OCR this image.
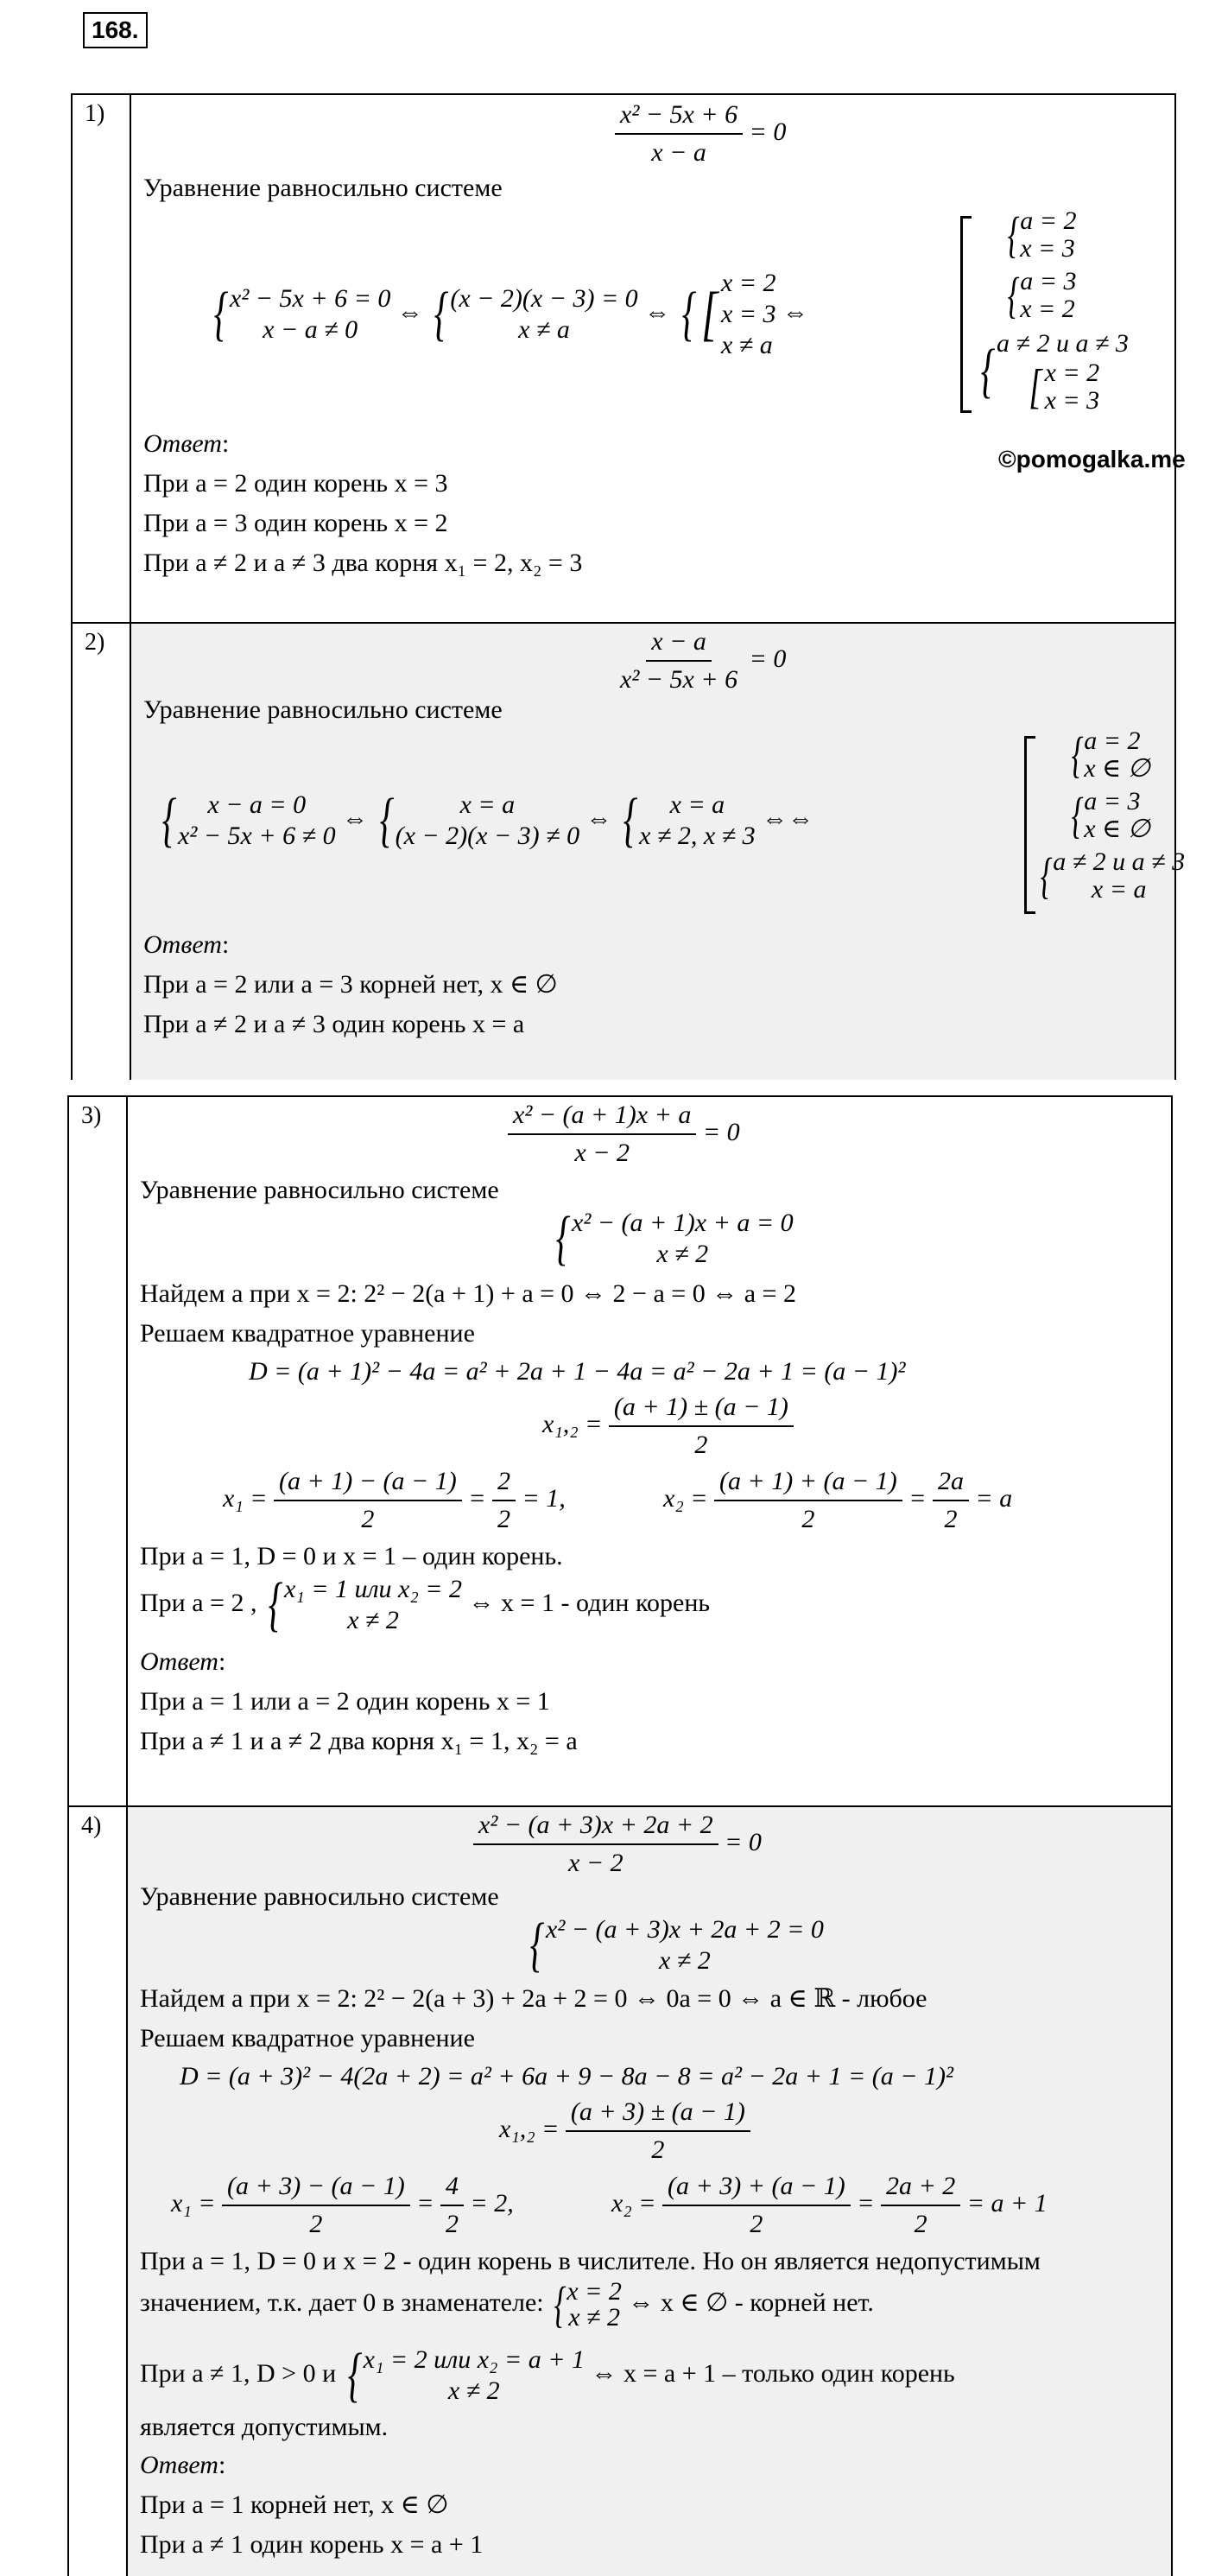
168.
1)	$\frac{\text{x² − 5x + 6}}{x - a} = 0$
Уравнение равносильно системе
{ x² − 5x + 6 = 0
x − a ≠ 0
⇔ { (x − 2)(x − 3) = 0
x ≠ a
⇔ { [ x = 2
x = 3
x ≠ a
⇔
{ a = 2
x = 3
{ a = 3
x = 2
{ a ≠ 2 и a ≠ 3
[ x = 2
x = 3
Ответ:
При a = 2 один корень x = 3
При a = 3 один корень x = 2
При a ≠ 2 и a ≠ 3 два корня x₁ = 2, x₂ = 3
2)	$\frac{x - a}{\text{x² − 5x + 6}} = 0$
Уравнение равносильно системе
{ x − a = 0
x² − 5x + 6 ≠ 0
⇔ {	x = a
(x − 2)(x − 3) ≠ 0
⇔ { x = a
x ≠ 2, x ≠ 3
⇔⇔
{ a = 2
x ∈ ∅
{ a = 3
x ∈ ∅
{ a ≠ 2 и a ≠ 3
x = a
Ответ:
При a = 2 или a = 3 корней нет, x ∈ ∅
При a ≠ 2 и a ≠ 3 один корень x = a
©pomogalka.me
3)	$\frac{\text{x² − (a + 1)x + a}}{x - 2} = 0$
Уравнение равносильно системе
{ x² − (a + 1)x + a = 0
x ≠ 2
Найдем a при x = 2: 2² − 2(a + 1) + a = 0 ⇔ 2 − a = 0 ⇔ a = 2
Решаем квадратное уравнение
D = (a + 1)² − 4a = a² + 2a + 1 − 4a = a² − 2a + 1 = (a − 1)²
$x_1,_2 = \frac{(a + 1) \pm (a - 1)}{2}$
$x_1 = \frac{(a + 1) - (a - 1)}{2} = \frac{2}{2} = 1$,	$x_2 = \frac{(a + 1) + (a - 1)}{2} = \frac{2a}{2} = a$
При a = 1, D = 0 и x = 1 – один корень.
При a = 2 , { x₁ = 1 или x₂ = 2
x ≠ 2
⇔ x = 1 - один корень
Ответ:
При a = 1 или a = 2 один корень x = 1
При a ≠ 1 и a ≠ 2 два корня x₁ = 1, x₂ = a
4)	$\frac{\text{x² − (a + 3)x + 2a + 2}}{x - 2} = 0$
Уравнение равносильно системе
{ x² − (a + 3)x + 2a + 2 = 0
x ≠ 2
Найдем a при x = 2: 2² − 2(a + 3) + 2a + 2 = 0 ⇔ 0a = 0 ⇔ a ∈ ℝ - любое
Решаем квадратное уравнение
D = (a + 3)² − 4(2a + 2) = a² + 6a + 9 − 8a − 8 = a² − 2a + 1 = (a − 1)²
$x_1,_2 = \frac{(a + 3) \pm (a - 1)}{2}$
$x_1 = \frac{(a + 3) - (a - 1)}{2} = \frac{4}{2} = 2$,	$x_2 = \frac{(a + 3) + (a - 1)}{2} = \frac{2a + 2}{2} = a + 1$
При a = 1, D = 0 и x = 2 - один корень в числителе. Но он является недопустимым
значением, т.к. дает 0 в знаменателе: { x = 2
x ≠ 2
⇔ x ∈ ∅ - корней нет.
При a ≠ 1, D > 0 и { x₁ = 2 или x₂ = a + 1
x ≠ 2
⇔ x = a + 1 – только один корень
является допустимым.
Ответ:
При a = 1 корней нет, x ∈ ∅
При a ≠ 1 один корень x = a + 1
